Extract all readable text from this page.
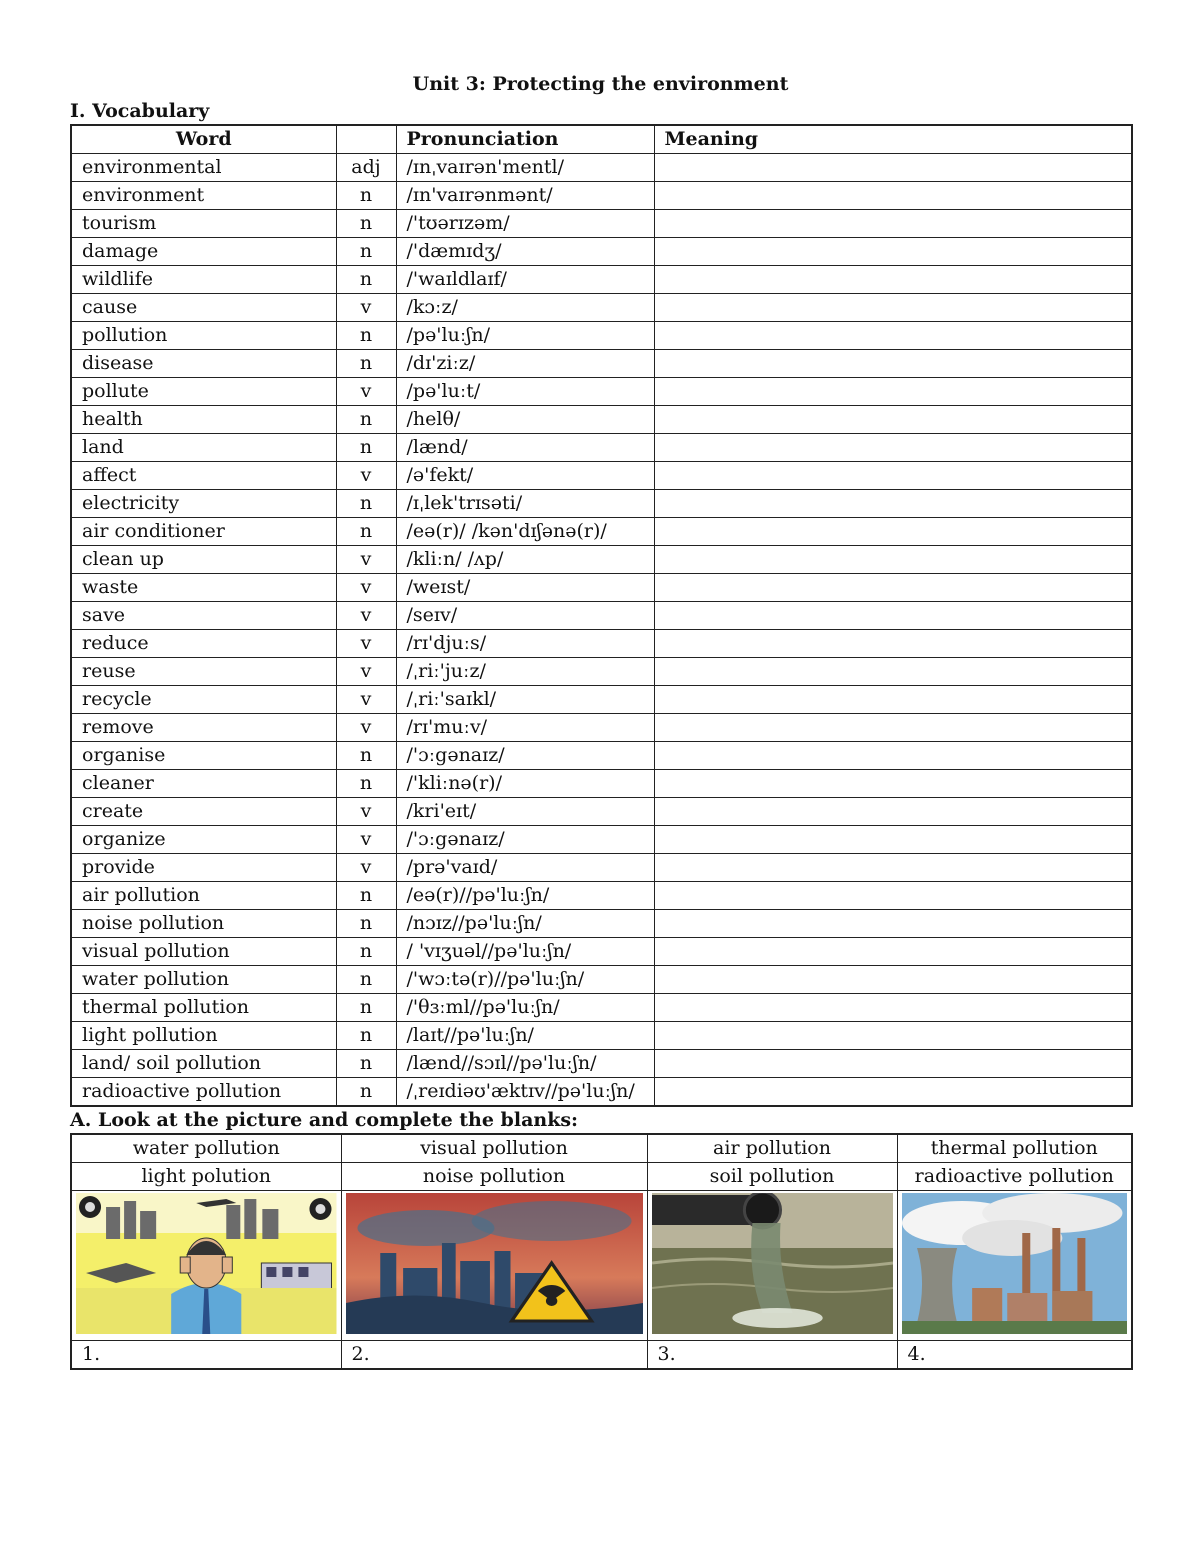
Unit 3: Protecting the environment
I. Vocabulary
Word		Pronunciation	Meaning
environmental	adj	/ɪnˌvaɪrən'mentl/	
environment	n	/ɪn'vaɪrənmənt/	
tourism	n	/'tʊərɪzəm/	
damage	n	/'dæmɪdʒ/	
wildlife	n	/'waɪldlaɪf/	
cause	v	/kɔːz/	
pollution	n	/pə'luːʃn/	
disease	n	/dɪ'ziːz/	
pollute	v	/pə'luːt/	
health	n	/helθ/	
land	n	/lænd/	
affect	v	/ə'fekt/	
electricity	n	/ɪˌlek'trɪsəti/	
air conditioner	n	/eə(r)/ /kən'dɪʃənə(r)/	
clean up	v	/kliːn/ /ʌp/	
waste	v	/weɪst/	
save	v	/seɪv/	
reduce	v	/rɪ'djuːs/	
reuse	v	/ˌriː'juːz/	
recycle	v	/ˌriː'saɪkl/	
remove	v	/rɪ'muːv/	
organise	n	/'ɔːgənaɪz/	
cleaner	n	/'kliːnə(r)/	
create	v	/kri'eɪt/	
organize	v	/'ɔːgənaɪz/	
provide	v	/prə'vaɪd/	
air pollution	n	/eə(r)//pə'luːʃn/	
noise pollution	n	/nɔɪz//pə'luːʃn/	
visual pollution	n	/ 'vɪʒuəl//pə'luːʃn/	
water pollution	n	/'wɔːtə(r)//pə'luːʃn/	
thermal pollution	n	/'θɜːml//pə'luːʃn/	
light pollution	n	/laɪt//pə'luːʃn/	
land/ soil pollution	n	/lænd//sɔɪl//pə'luːʃn/	
radioactive pollution	n	/ˌreɪdiəʊ'æktɪv//pə'luːʃn/	
A. Look at the picture and complete the blanks:
water pollution	visual pollution	air pollution	thermal pollution
light polution	noise pollution	soil pollution	radioactive pollution

1.	2.	3.	4.
